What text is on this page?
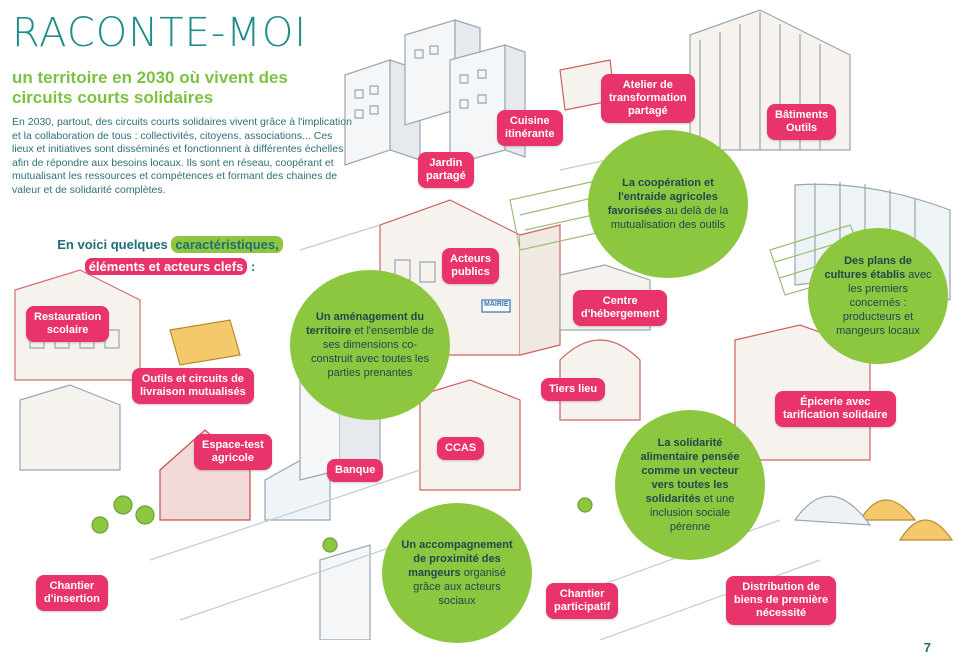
RACONTE-MOI
un territoire en 2030 où vivent des circuits courts solidaires
En 2030, partout, des circuits courts solidaires vivent grâce à l'implication et la collaboration de tous : collectivités, citoyens, associations... Ces lieux et initiatives sont disséminés et fonctionnent à différentes échelles afin de répondre aux besoins locaux. Ils sont en réseau, coopérant et mutualisant les ressources et compétences et formant des chaines de valeur et de solidarité complètes.
En voici quelques caractéristiques,
éléments et acteurs clefs :
Cuisine
itinérante
Atelier de
transformation
partagé	Bâtiments
Outils
Jardin
partagé
Acteurs
publics
Centre
d'hébergement
Restauration
scolaire
Outils et circuits de
livraison mutualisés	Tiers lieu
Épicerie avec
tarification solidaire
Espace-test
agricole
CCAS
Banque
Chantier
d'insertion	Chantier
participatif
Distribution de
biens de première
nécessité
MAIRIE
La coopération et l'entraide agricoles favorisées au delà de la mutualisation des outils
Des plans de cultures établis avec les premiers concernés : producteurs et mangeurs locaux
Un aménagement du territoire et l'ensemble de ses dimensions co-construit avec toutes les parties prenantes
La solidarité alimentaire pensée comme un vecteur vers toutes les solidarités et une inclusion sociale pérenne
Un accompagnement de proximité des mangeurs organisé grâce aux acteurs sociaux
7
